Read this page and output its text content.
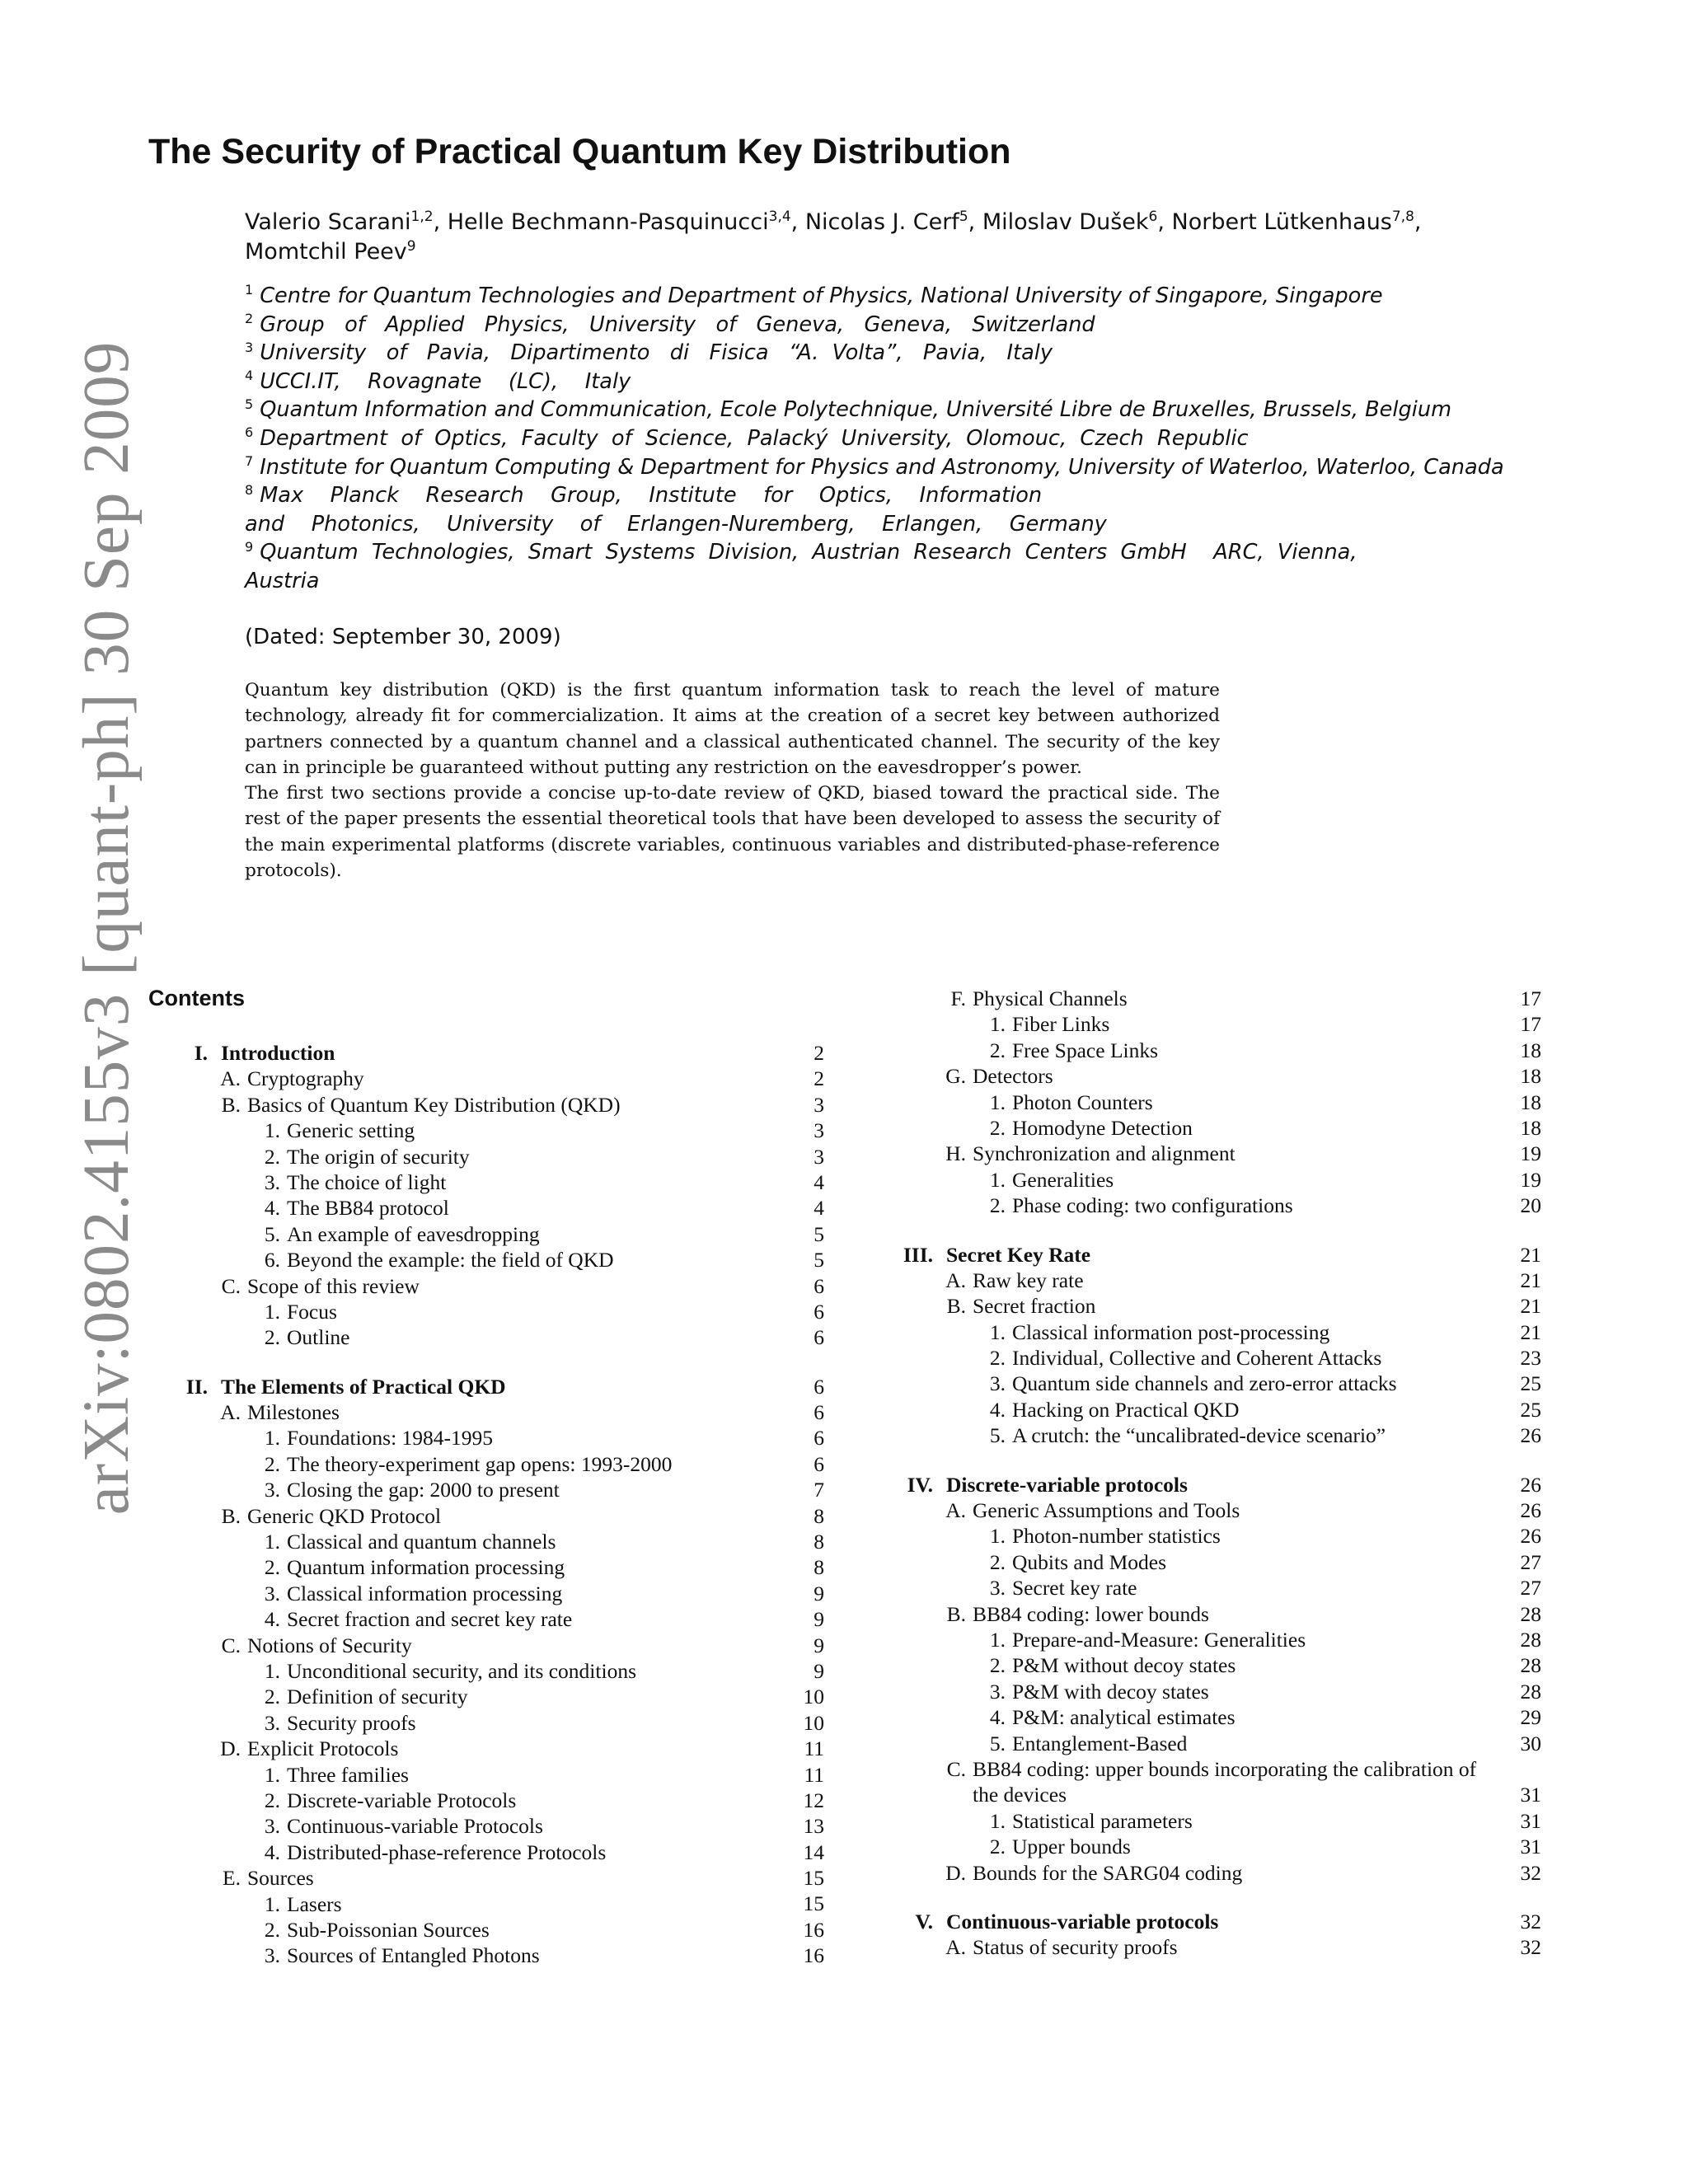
arXiv:0802.4155v3 [quant-ph] 30 Sep 2009
The Security of Practical Quantum Key Distribution
Valerio Scarani$^{1,2}$, Helle Bechmann-Pasquinucci$^{3,4}$, Nicolas J. Cerf$^5$, Miloslav Dušek$^6$, Norbert Lütkenhaus$^{7,8}$,
Momtchil Peev$^9$
$^1$ Centre for Quantum Technologies and Department of Physics, National University of Singapore, Singapore
$^2$ Group   of   Applied   Physics,   University   of   Geneva,   Geneva,   Switzerland
$^3$ University   of   Pavia,   Dipartimento   di   Fisica   “A.  Volta”,   Pavia,   Italy
$^4$ UCCI.IT,    Rovagnate    (LC),    Italy
$^5$ Quantum Information and Communication, Ecole Polytechnique, Université Libre de Bruxelles, Brussels, Belgium
$^6$ Department  of  Optics,  Faculty  of  Science,  Palacký  University,  Olomouc,  Czech  Republic
$^7$ Institute for Quantum Computing & Department for Physics and Astronomy, University of Waterloo, Waterloo, Canada
$^8$ Max    Planck    Research    Group,    Institute    for    Optics,    Information
and    Photonics,    University    of    Erlangen-Nuremberg,    Erlangen,    Germany
$^9$ Quantum  Technologies,  Smart  Systems  Division,  Austrian  Research  Centers  GmbH    ARC,  Vienna,
Austria
(Dated: September 30, 2009)

Quantum key distribution (QKD) is the first quantum information task to reach the level of mature technology, already fit for commercialization. It aims at the creation of a secret key between authorized partners connected by a quantum channel and a classical authenticated channel. The security of the key can in principle be guaranteed without putting any restriction on the eavesdropper’s power.

The first two sections provide a concise up-to-date review of QKD, biased toward the practical side. The rest of the paper presents the essential theoretical tools that have been developed to assess the security of the main experimental platforms (discrete variables, continuous variables and distributed-phase-reference protocols).

Contents
I. Introduction	2
A. Cryptography	2
B. Basics of Quantum Key Distribution (QKD)	3
1. Generic setting	3
2. The origin of security	3
3. The choice of light	4
4. The BB84 protocol	4
5. An example of eavesdropping	5
6. Beyond the example: the field of QKD	5
C. Scope of this review	6
1. Focus	6
2. Outline	6
II. The Elements of Practical QKD	6
A. Milestones	6
1. Foundations: 1984-1995	6
2. The theory-experiment gap opens: 1993-2000	6
3. Closing the gap: 2000 to present	7
B. Generic QKD Protocol	8
1. Classical and quantum channels	8
2. Quantum information processing	8
3. Classical information processing	9
4. Secret fraction and secret key rate	9
C. Notions of Security	9
1. Unconditional security, and its conditions	9
2. Definition of security	10
3. Security proofs	10
D. Explicit Protocols	11
1. Three families	11
2. Discrete-variable Protocols	12
3. Continuous-variable Protocols	13
4. Distributed-phase-reference Protocols	14
E. Sources	15
1. Lasers	15
2. Sub-Poissonian Sources	16
3. Sources of Entangled Photons	16
F. Physical Channels	17
1. Fiber Links	17
2. Free Space Links	18
G. Detectors	18
1. Photon Counters	18
2. Homodyne Detection	18
H. Synchronization and alignment	19
1. Generalities	19
2. Phase coding: two configurations	20
III. Secret Key Rate	21
A. Raw key rate	21
B. Secret fraction	21
1. Classical information post-processing	21
2. Individual, Collective and Coherent Attacks	23
3. Quantum side channels and zero-error attacks	25
4. Hacking on Practical QKD	25
5. A crutch: the “uncalibrated-device scenario”	26
IV. Discrete-variable protocols	26
A. Generic Assumptions and Tools	26
1. Photon-number statistics	26
2. Qubits and Modes	27
3. Secret key rate	27
B. BB84 coding: lower bounds	28
1. Prepare-and-Measure: Generalities	28
2. P&M without decoy states	28
3. P&M with decoy states	28
4. P&M: analytical estimates	29
5. Entanglement-Based	30
C. BB84 coding: upper bounds incorporating the calibration of the devices	31
1. Statistical parameters	31
2. Upper bounds	31
D. Bounds for the SARG04 coding	32
V. Continuous-variable protocols	32
A. Status of security proofs	32
